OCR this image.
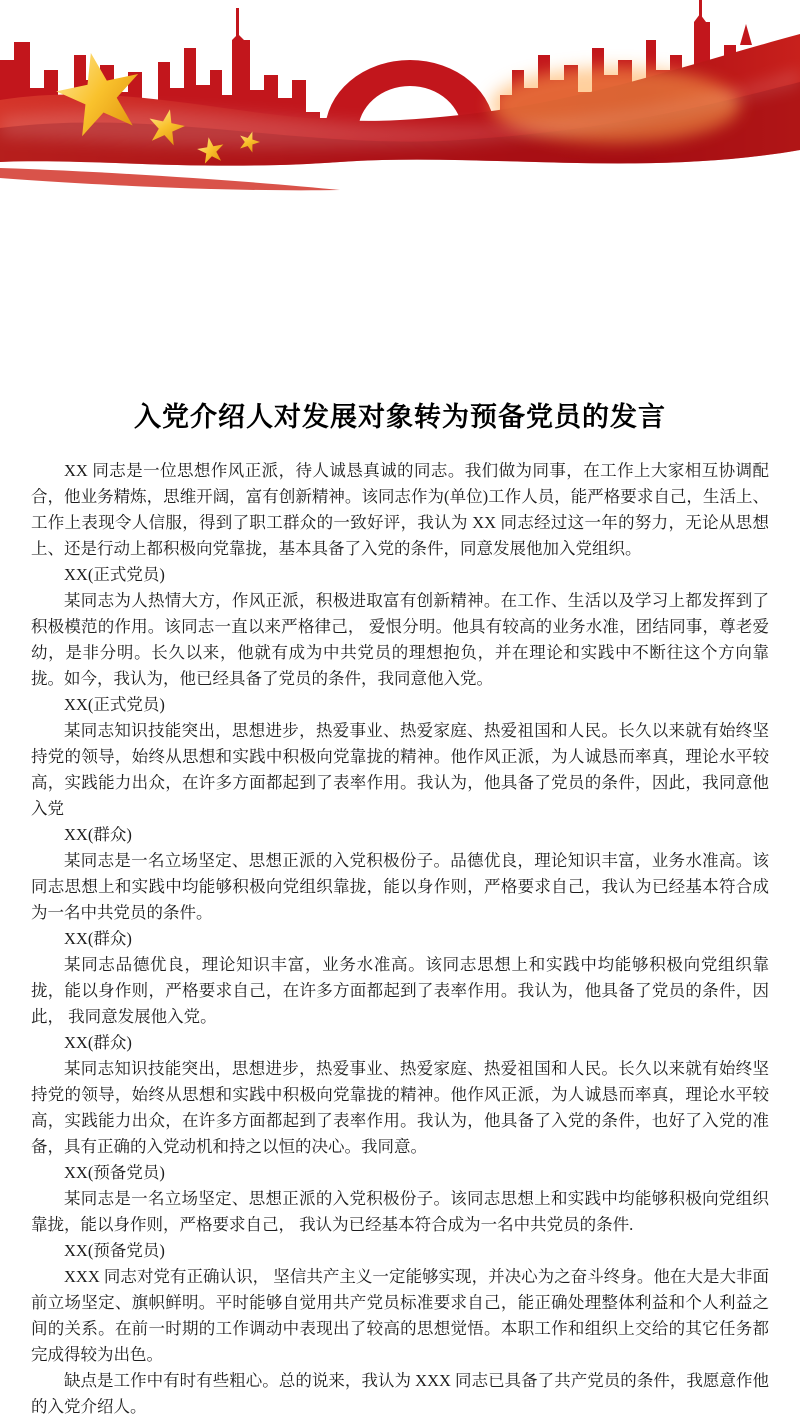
入党介绍人对发展对象转为预备党员的发言

XX 同志是一位思想作风正派，待人诚恳真诚的同志。我们做为同事，在工作上大家相互协调配合，他业务精炼，思维开阔，富有创新精神。该同志作为(单位)工作人员，能严格要求自己，生活上、工作上表现令人信服，得到了职工群众的一致好评，我认为 XX 同志经过这一年的努力，无论从思想上、还是行动上都积极向党靠拢，基本具备了入党的条件，同意发展他加入党组织。

XX(正式党员)

某同志为人热情大方，作风正派，积极进取富有创新精神。在工作、生活以及学习上都发挥到了积极模范的作用。该同志一直以来严格律己， 爱恨分明。他具有较高的业务水准，团结同事，尊老爱幼，是非分明。长久以来，他就有成为中共党员的理想抱负，并在理论和实践中不断往这个方向靠拢。如今，我认为，他已经具备了党员的条件，我同意他入党。

XX(正式党员)

某同志知识技能突出，思想进步，热爱事业、热爱家庭、热爱祖国和人民。长久以来就有始终坚持党的领导，始终从思想和实践中积极向党靠拢的精神。他作风正派，为人诚恳而率真，理论水平较高，实践能力出众，在许多方面都起到了表率作用。我认为，他具备了党员的条件，因此，我同意他入党

XX(群众)

某同志是一名立场坚定、思想正派的入党积极份子。品德优良，理论知识丰富，业务水准高。该同志思想上和实践中均能够积极向党组织靠拢，能以身作则，严格要求自己，我认为已经基本符合成为一名中共党员的条件。

XX(群众)

某同志品德优良，理论知识丰富，业务水准高。该同志思想上和实践中均能够积极向党组织靠拢，能以身作则，严格要求自己，在许多方面都起到了表率作用。我认为，他具备了党员的条件，因此， 我同意发展他入党。

XX(群众)

某同志知识技能突出，思想进步，热爱事业、热爱家庭、热爱祖国和人民。长久以来就有始终坚持党的领导，始终从思想和实践中积极向党靠拢的精神。他作风正派，为人诚恳而率真，理论水平较高，实践能力出众，在许多方面都起到了表率作用。我认为，他具备了入党的条件，也好了入党的准备，具有正确的入党动机和持之以恒的决心。我同意。

XX(预备党员)

某同志是一名立场坚定、思想正派的入党积极份子。该同志思想上和实践中均能够积极向党组织靠拢，能以身作则，严格要求自己， 我认为已经基本符合成为一名中共党员的条件.

XX(预备党员)

XXX 同志对党有正确认识， 坚信共产主义一定能够实现，并决心为之奋斗终身。他在大是大非面前立场坚定、旗帜鲜明。平时能够自觉用共产党员标准要求自己，能正确处理整体利益和个人利益之间的关系。在前一时期的工作调动中表现出了较高的思想觉悟。本职工作和组织上交给的其它任务都完成得较为出色。

缺点是工作中有时有些粗心。总的说来，我认为 XXX 同志已具备了共产党员的条件，我愿意作他的入党介绍人。
